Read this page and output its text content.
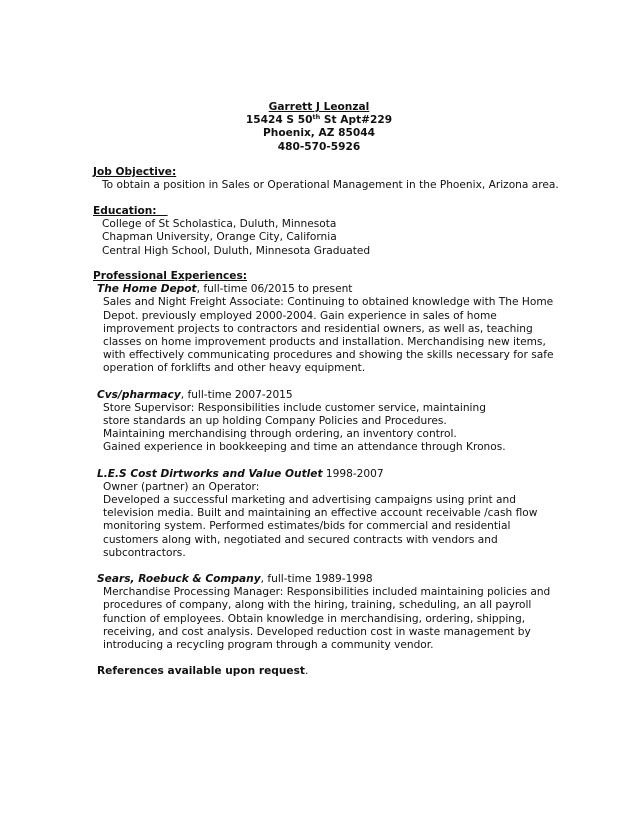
Garrett J Leonzal
15424 S 50th St Apt#229
Phoenix, AZ 85044
480-570-5926
Job Objective:
To obtain a position in Sales or Operational Management in the Phoenix, Arizona area.
Education:
College of St Scholastica, Duluth, Minnesota
Chapman University, Orange City, California
Central High School, Duluth, Minnesota Graduated
Professional Experiences:
The Home Depot, full-time 06/2015 to present
Sales and Night Freight Associate: Continuing to obtained knowledge with The Home
Depot. previously employed 2000-2004. Gain experience in sales of home
improvement projects to contractors and residential owners, as well as, teaching
classes on home improvement products and installation. Merchandising new items,
with effectively communicating procedures and showing the skills necessary for safe
operation of forklifts and other heavy equipment.
Cvs/pharmacy, full-time 2007-2015
Store Supervisor: Responsibilities include customer service, maintaining
store standards an up holding Company Policies and Procedures.
Maintaining merchandising through ordering, an inventory control.
Gained experience in bookkeeping and time an attendance through Kronos.
L.E.S Cost Dirtworks and Value Outlet 1998-2007
Owner (partner) an Operator:
Developed a successful marketing and advertising campaigns using print and
television media. Built and maintaining an effective account receivable /cash flow
monitoring system. Performed estimates/bids for commercial and residential
customers along with, negotiated and secured contracts with vendors and
subcontractors.
Sears, Roebuck & Company, full-time 1989-1998
Merchandise Processing Manager: Responsibilities included maintaining policies and
procedures of company, along with the hiring, training, scheduling, an all payroll
function of employees. Obtain knowledge in merchandising, ordering, shipping,
receiving, and cost analysis. Developed reduction cost in waste management by
introducing a recycling program through a community vendor.
References available upon request.
